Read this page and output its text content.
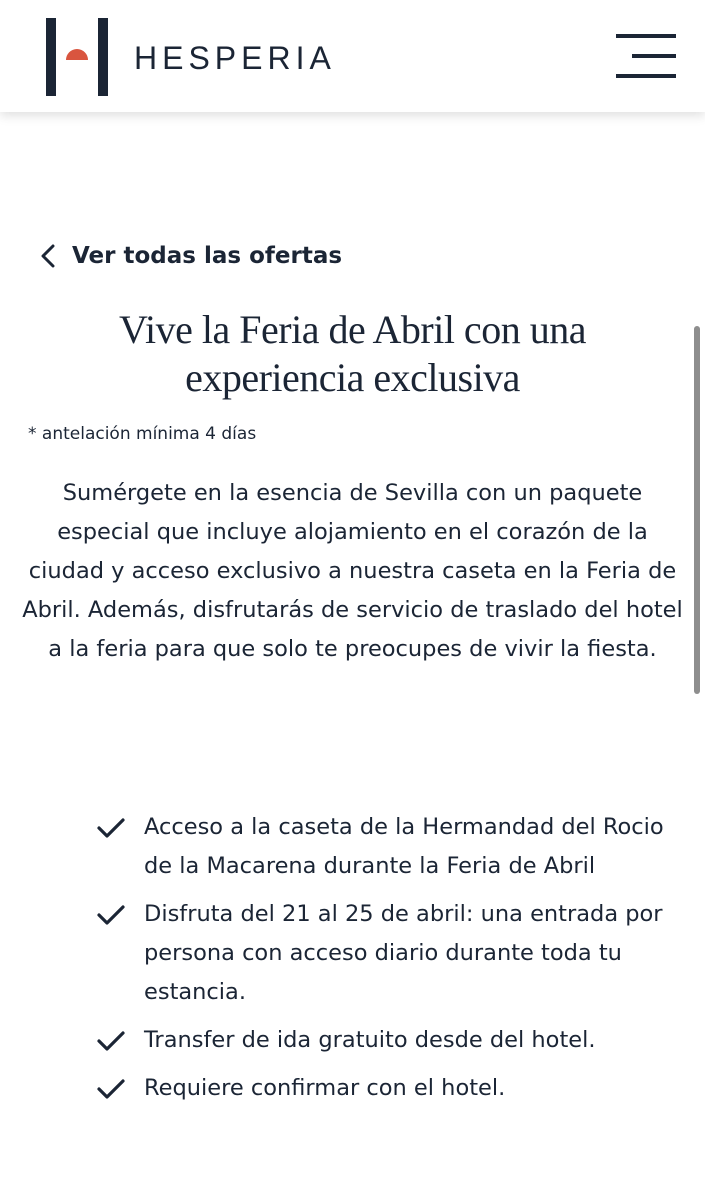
HESPERIA
Ver todas las ofertas
Vive la Feria de Abril con una experiencia exclusiva
* antelación mínima 4 días

Sumérgete en la esencia de Sevilla con un paquete especial que incluye alojamiento en el corazón de la ciudad y acceso exclusivo a nuestra caseta en la Feria de Abril. Además, disfrutarás de servicio de traslado del hotel a la feria para que solo te preocupes de vivir la fiesta.

Acceso a la caseta de la Hermandad del Rocio de la Macarena durante la Feria de Abril
Disfruta del 21 al 25 de abril: una entrada por persona con acceso diario durante toda tu estancia.
Transfer de ida gratuito desde del hotel.
Requiere confirmar con el hotel.
